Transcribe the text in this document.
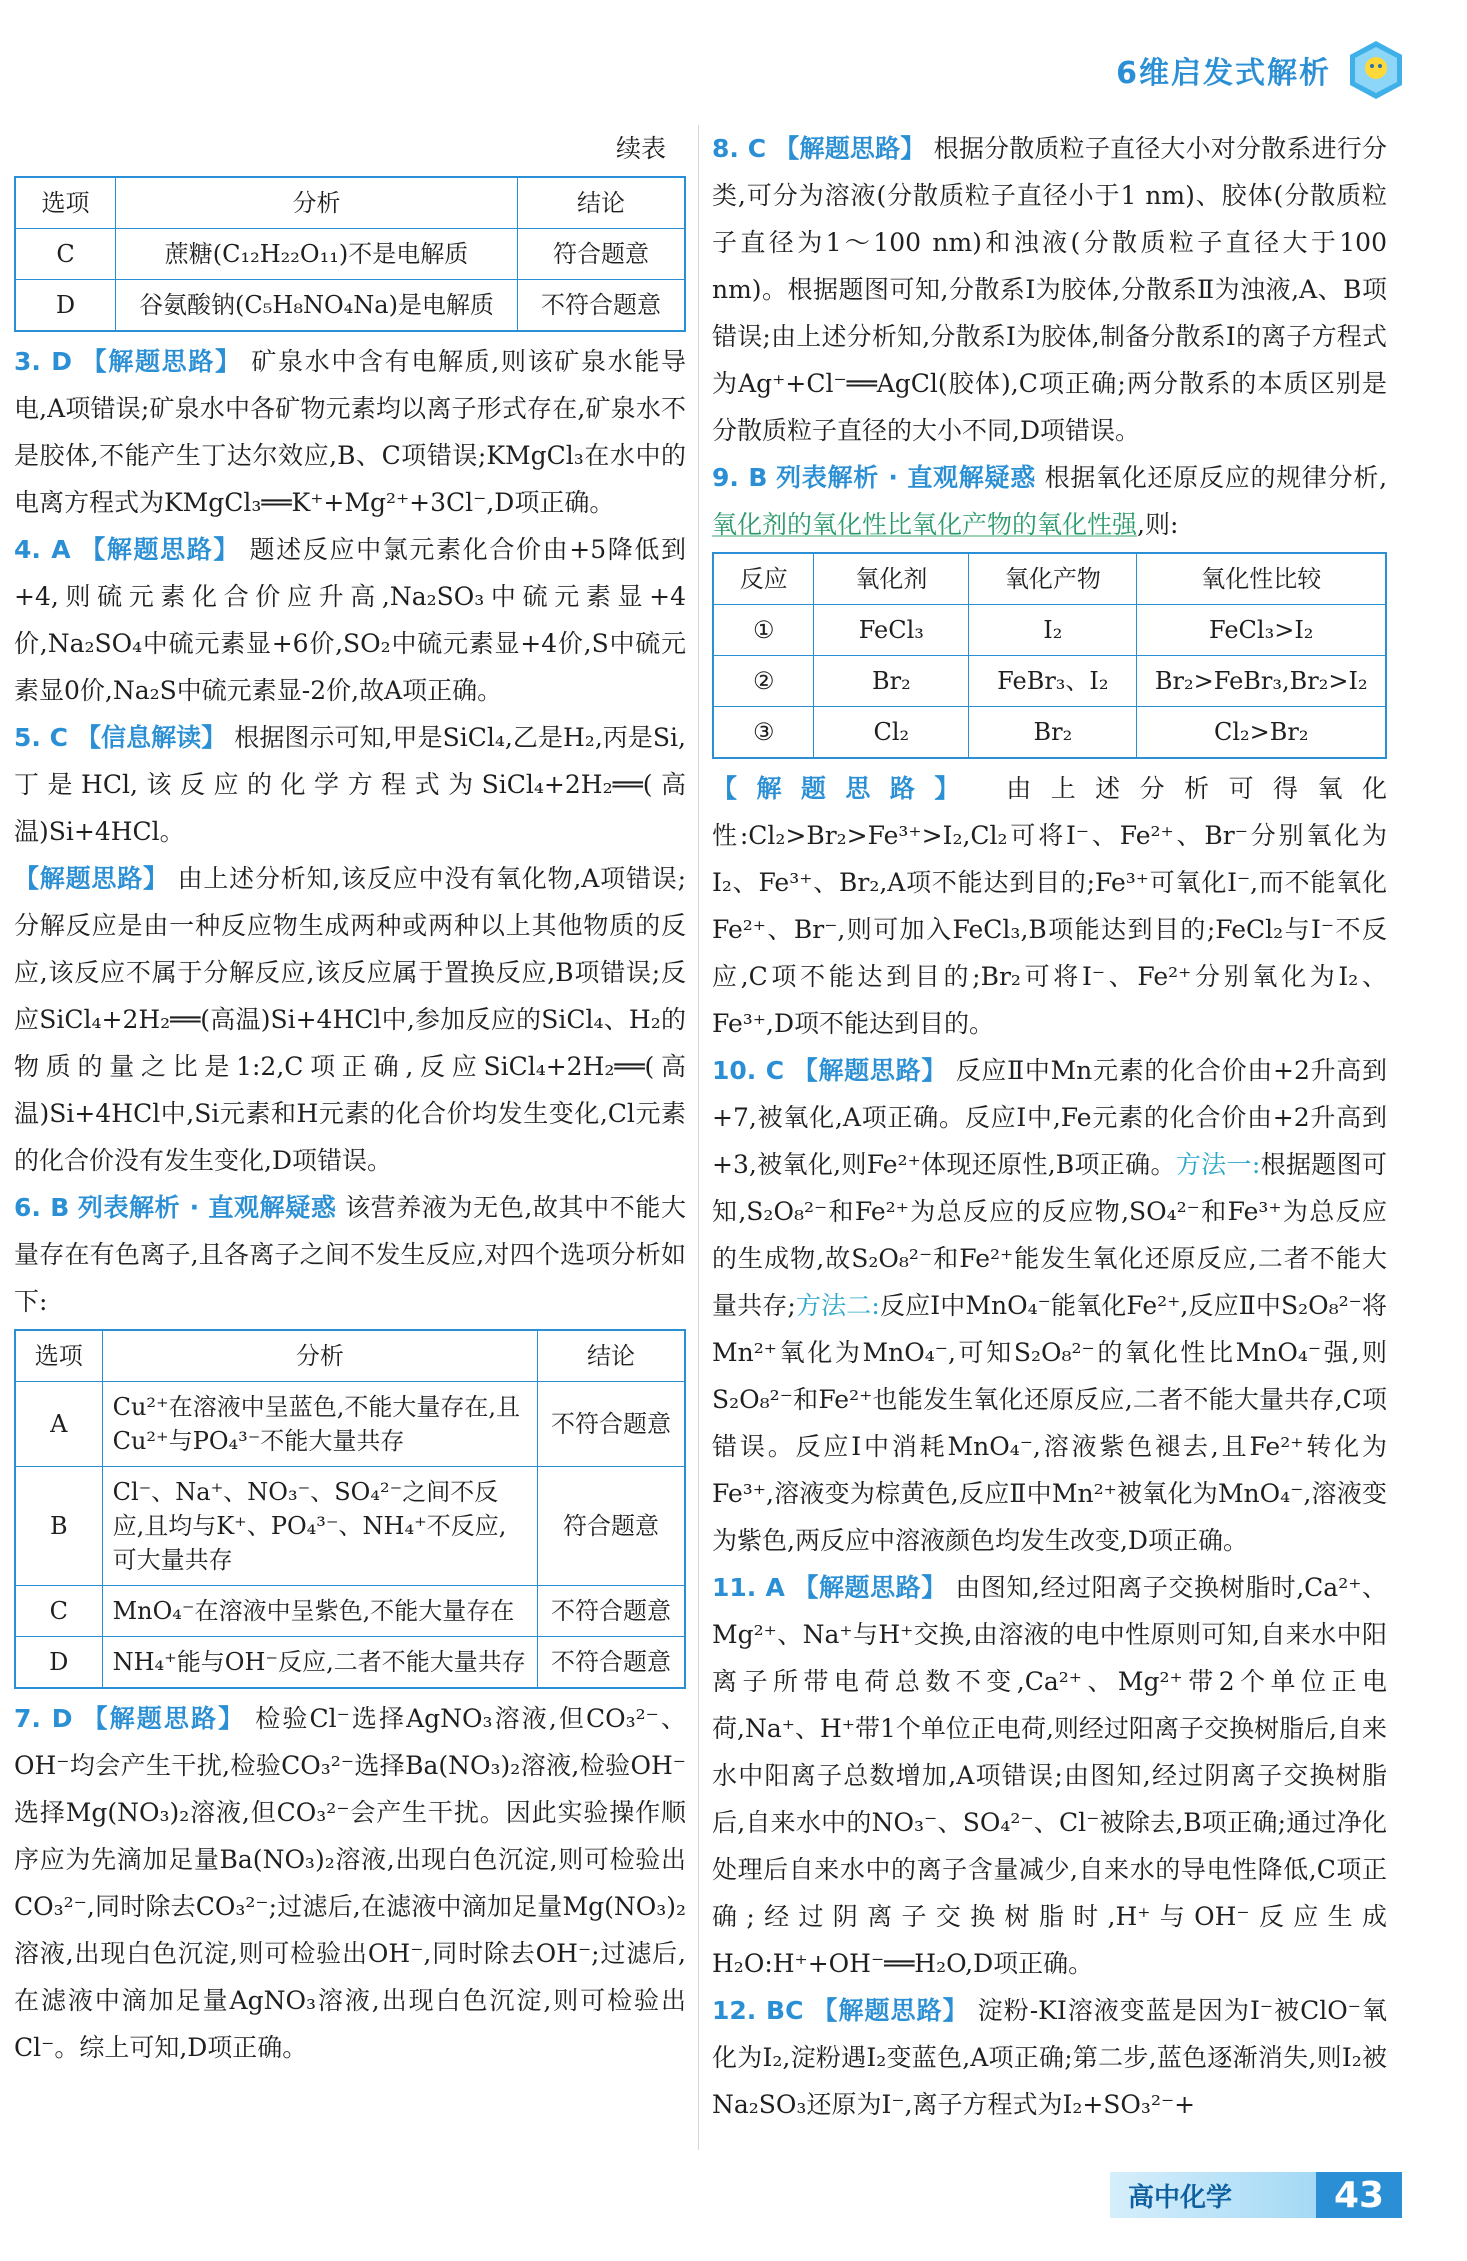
6维启发式解析
续表
选项	分析	结论
C	蔗糖(C₁₂H₂₂O₁₁)不是电解质	符合题意
D	谷氨酸钠(C₅H₈NO₄Na)是电解质	不符合题意

3. D 【解题思路】 矿泉水中含有电解质,则该矿泉水能导电,A项错误;矿泉水中各矿物元素均以离子形式存在,矿泉水不是胶体,不能产生丁达尔效应,B、C项错误;KMgCl₃在水中的电离方程式为KMgCl₃══K⁺+Mg²⁺+3Cl⁻,D项正确。

4. A 【解题思路】 题述反应中氯元素化合价由+5降低到+4,则硫元素化合价应升高,Na₂SO₃中硫元素显+4价,Na₂SO₄中硫元素显+6价,SO₂中硫元素显+4价,S中硫元素显0价,Na₂S中硫元素显-2价,故A项正确。

5. C 【信息解读】 根据图示可知,甲是SiCl₄,乙是H₂,丙是Si,丁是HCl,该反应的化学方程式为SiCl₄+2H₂══(高温)Si+4HCl。

【解题思路】 由上述分析知,该反应中没有氧化物,A项错误;分解反应是由一种反应物生成两种或两种以上其他物质的反应,该反应不属于分解反应,该反应属于置换反应,B项错误;反应SiCl₄+2H₂══(高温)Si+4HCl中,参加反应的SiCl₄、H₂的物质的量之比是1:2,C项正确,反应SiCl₄+2H₂══(高温)Si+4HCl中,Si元素和H元素的化合价均发生变化,Cl元素的化合价没有发生变化,D项错误。

6. B 列表解析 · 直观解疑惑 该营养液为无色,故其中不能大量存在有色离子,且各离子之间不发生反应,对四个选项分析如下:

选项	分析	结论
A	Cu²⁺在溶液中呈蓝色,不能大量存在,且Cu²⁺与PO₄³⁻不能大量共存	不符合题意
B	Cl⁻、Na⁺、NO₃⁻、SO₄²⁻之间不反应,且均与K⁺、PO₄³⁻、NH₄⁺不反应,可大量共存	符合题意
C	MnO₄⁻在溶液中呈紫色,不能大量存在	不符合题意
D	NH₄⁺能与OH⁻反应,二者不能大量共存	不符合题意

7. D 【解题思路】 检验Cl⁻选择AgNO₃溶液,但CO₃²⁻、OH⁻均会产生干扰,检验CO₃²⁻选择Ba(NO₃)₂溶液,检验OH⁻选择Mg(NO₃)₂溶液,但CO₃²⁻会产生干扰。因此实验操作顺序应为先滴加足量Ba(NO₃)₂溶液,出现白色沉淀,则可检验出CO₃²⁻,同时除去CO₃²⁻;过滤后,在滤液中滴加足量Mg(NO₃)₂溶液,出现白色沉淀,则可检验出OH⁻,同时除去OH⁻;过滤后,在滤液中滴加足量AgNO₃溶液,出现白色沉淀,则可检验出Cl⁻。综上可知,D项正确。

8. C 【解题思路】 根据分散质粒子直径大小对分散系进行分类,可分为溶液(分散质粒子直径小于1 nm)、胶体(分散质粒子直径为1～100 nm)和浊液(分散质粒子直径大于100 nm)。根据题图可知,分散系Ⅰ为胶体,分散系Ⅱ为浊液,A、B项错误;由上述分析知,分散系Ⅰ为胶体,制备分散系Ⅰ的离子方程式为Ag⁺+Cl⁻══AgCl(胶体),C项正确;两分散系的本质区别是分散质粒子直径的大小不同,D项错误。

9. B 列表解析 · 直观解疑惑 根据氧化还原反应的规律分析,氧化剂的氧化性比氧化产物的氧化性强,则:

反应	氧化剂	氧化产物	氧化性比较
①	FeCl₃	I₂	FeCl₃>I₂
②	Br₂	FeBr₃、I₂	Br₂>FeBr₃,Br₂>I₂
③	Cl₂	Br₂	Cl₂>Br₂

【解题思路】 由上述分析可得氧化性:Cl₂>Br₂>Fe³⁺>I₂,Cl₂可将I⁻、Fe²⁺、Br⁻分别氧化为I₂、Fe³⁺、Br₂,A项不能达到目的;Fe³⁺可氧化I⁻,而不能氧化Fe²⁺、Br⁻,则可加入FeCl₃,B项能达到目的;FeCl₂与I⁻不反应,C项不能达到目的;Br₂可将I⁻、Fe²⁺分别氧化为I₂、Fe³⁺,D项不能达到目的。

10. C 【解题思路】 反应Ⅱ中Mn元素的化合价由+2升高到+7,被氧化,A项正确。反应Ⅰ中,Fe元素的化合价由+2升高到+3,被氧化,则Fe²⁺体现还原性,B项正确。方法一:根据题图可知,S₂O₈²⁻和Fe²⁺为总反应的反应物,SO₄²⁻和Fe³⁺为总反应的生成物,故S₂O₈²⁻和Fe²⁺能发生氧化还原反应,二者不能大量共存;方法二:反应Ⅰ中MnO₄⁻能氧化Fe²⁺,反应Ⅱ中S₂O₈²⁻将Mn²⁺氧化为MnO₄⁻,可知S₂O₈²⁻的氧化性比MnO₄⁻强,则S₂O₈²⁻和Fe²⁺也能发生氧化还原反应,二者不能大量共存,C项错误。反应Ⅰ中消耗MnO₄⁻,溶液紫色褪去,且Fe²⁺转化为Fe³⁺,溶液变为棕黄色,反应Ⅱ中Mn²⁺被氧化为MnO₄⁻,溶液变为紫色,两反应中溶液颜色均发生改变,D项正确。

11. A 【解题思路】 由图知,经过阳离子交换树脂时,Ca²⁺、Mg²⁺、Na⁺与H⁺交换,由溶液的电中性原则可知,自来水中阳离子所带电荷总数不变,Ca²⁺、Mg²⁺带2个单位正电荷,Na⁺、H⁺带1个单位正电荷,则经过阳离子交换树脂后,自来水中阳离子总数增加,A项错误;由图知,经过阴离子交换树脂后,自来水中的NO₃⁻、SO₄²⁻、Cl⁻被除去,B项正确;通过净化处理后自来水中的离子含量减少,自来水的导电性降低,C项正确;经过阴离子交换树脂时,H⁺与OH⁻反应生成H₂O:H⁺+OH⁻══H₂O,D项正确。

12. BC 【解题思路】 淀粉-KI溶液变蓝是因为I⁻被ClO⁻氧化为I₂,淀粉遇I₂变蓝色,A项正确;第二步,蓝色逐渐消失,则I₂被Na₂SO₃还原为I⁻,离子方程式为I₂+SO₃²⁻+

高中化学	43
